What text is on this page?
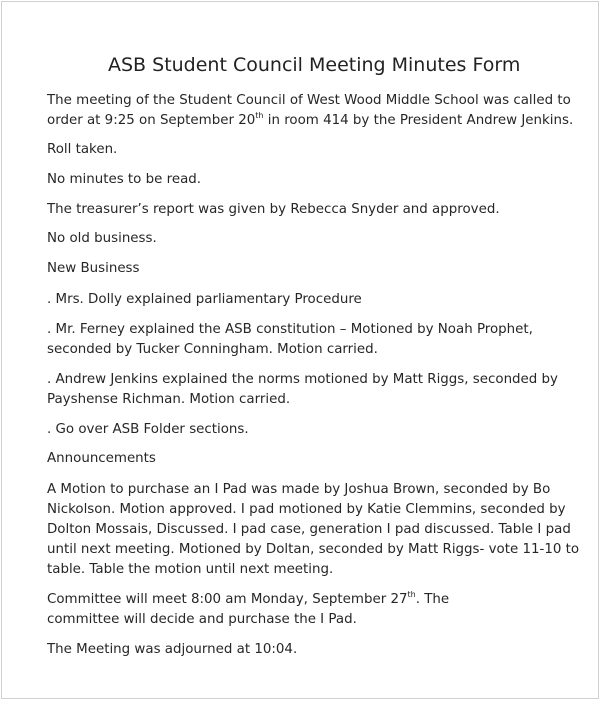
ASB Student Council Meeting Minutes Form

The meeting of the Student Council of West Wood Middle School was called to order at 9:25 on September 20th in room 414 by the President Andrew Jenkins.

Roll taken.

No minutes to be read.

The treasurer’s report was given by Rebecca Snyder and approved.

No old business.

New Business

. Mrs. Dolly explained parliamentary Procedure

. Mr. Ferney explained the ASB constitution – Motioned by Noah Prophet, seconded by Tucker Conningham. Motion carried.

. Andrew Jenkins explained the norms motioned by Matt Riggs, seconded by Payshense Richman. Motion carried.

. Go over ASB Folder sections.

Announcements

A Motion to purchase an I Pad was made by Joshua Brown, seconded by Bo Nickolson. Motion approved. I pad motioned by Katie Clemmins, seconded by Dolton Mossais, Discussed. I pad case, generation I pad discussed. Table I pad until next meeting. Motioned by Doltan, seconded by Matt Riggs- vote 11-10 to table. Table the motion until next meeting.

Committee will meet 8:00 am Monday, September 27th. The committee will decide and purchase the I Pad.

The Meeting was adjourned at 10:04.
